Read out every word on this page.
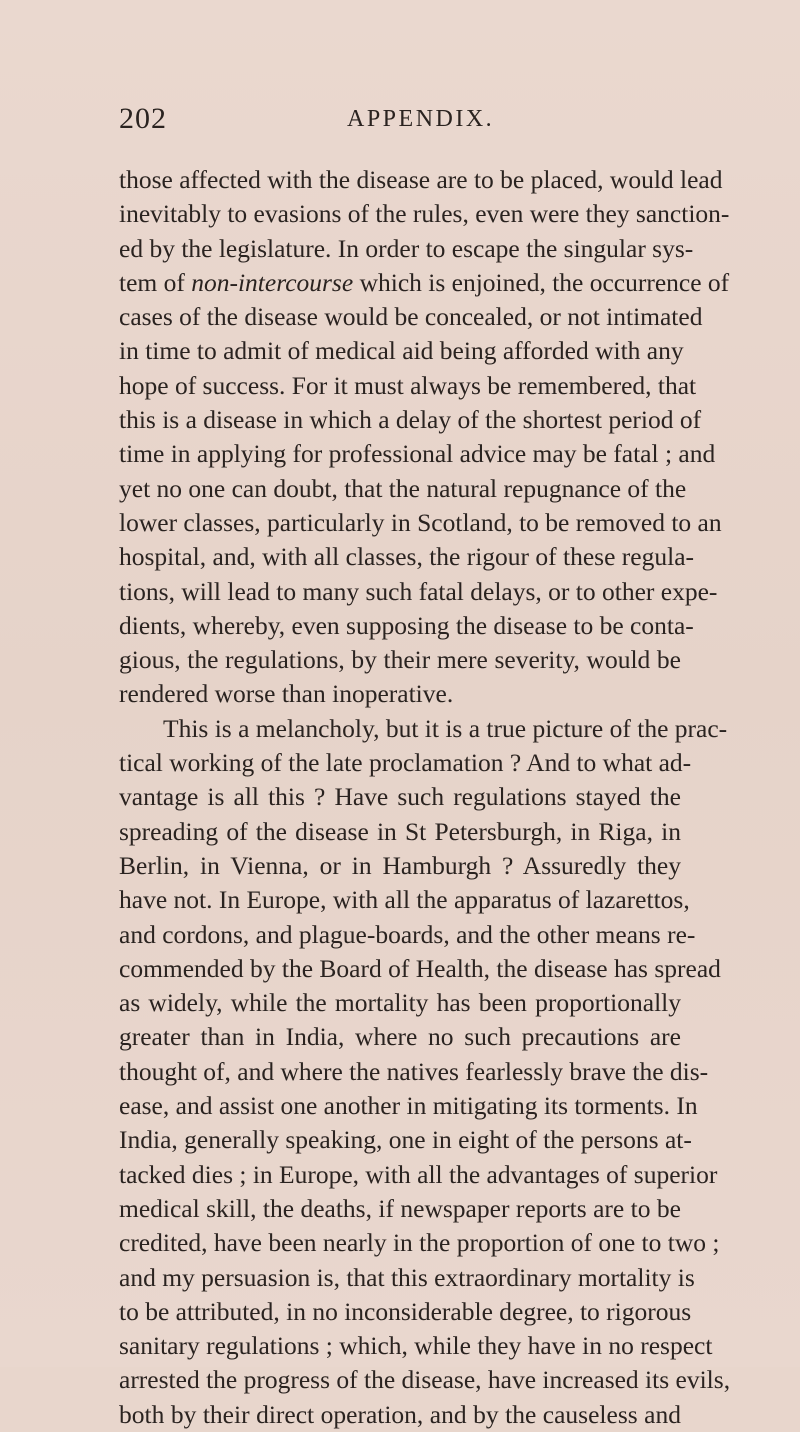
202	APPENDIX.
those affected with the disease are to be placed, would lead
inevitably to evasions of the rules, even were they sanction-
ed by the legislature. In order to escape the singular sys-
tem of non-intercourse which is enjoined, the occurrence of
cases of the disease would be concealed, or not intimated
in time to admit of medical aid being afforded with any
hope of success. For it must always be remembered, that
this is a disease in which a delay of the shortest period of
time in applying for professional advice may be fatal ; and
yet no one can doubt, that the natural repugnance of the
lower classes, particularly in Scotland, to be removed to an
hospital, and, with all classes, the rigour of these regula-
tions, will lead to many such fatal delays, or to other expe-
dients, whereby, even supposing the disease to be conta-
gious, the regulations, by their mere severity, would be
rendered worse than inoperative.
This is a melancholy, but it is a true picture of the prac-
tical working of the late proclamation ? And to what ad-
vantage is all this ? Have such regulations stayed the
spreading of the disease in St Petersburgh, in Riga, in
Berlin, in Vienna, or in Hamburgh ? Assuredly they
have not. In Europe, with all the apparatus of lazarettos,
and cordons, and plague-boards, and the other means re-
commended by the Board of Health, the disease has spread
as widely, while the mortality has been proportionally
greater than in India, where no such precautions are
thought of, and where the natives fearlessly brave the dis-
ease, and assist one another in mitigating its torments. In
India, generally speaking, one in eight of the persons at-
tacked dies ; in Europe, with all the advantages of superior
medical skill, the deaths, if newspaper reports are to be
credited, have been nearly in the proportion of one to two ;
and my persuasion is, that this extraordinary mortality is
to be attributed, in no inconsiderable degree, to rigorous
sanitary regulations ; which, while they have in no respect
arrested the progress of the disease, have increased its evils,
both by their direct operation, and by the causeless and
